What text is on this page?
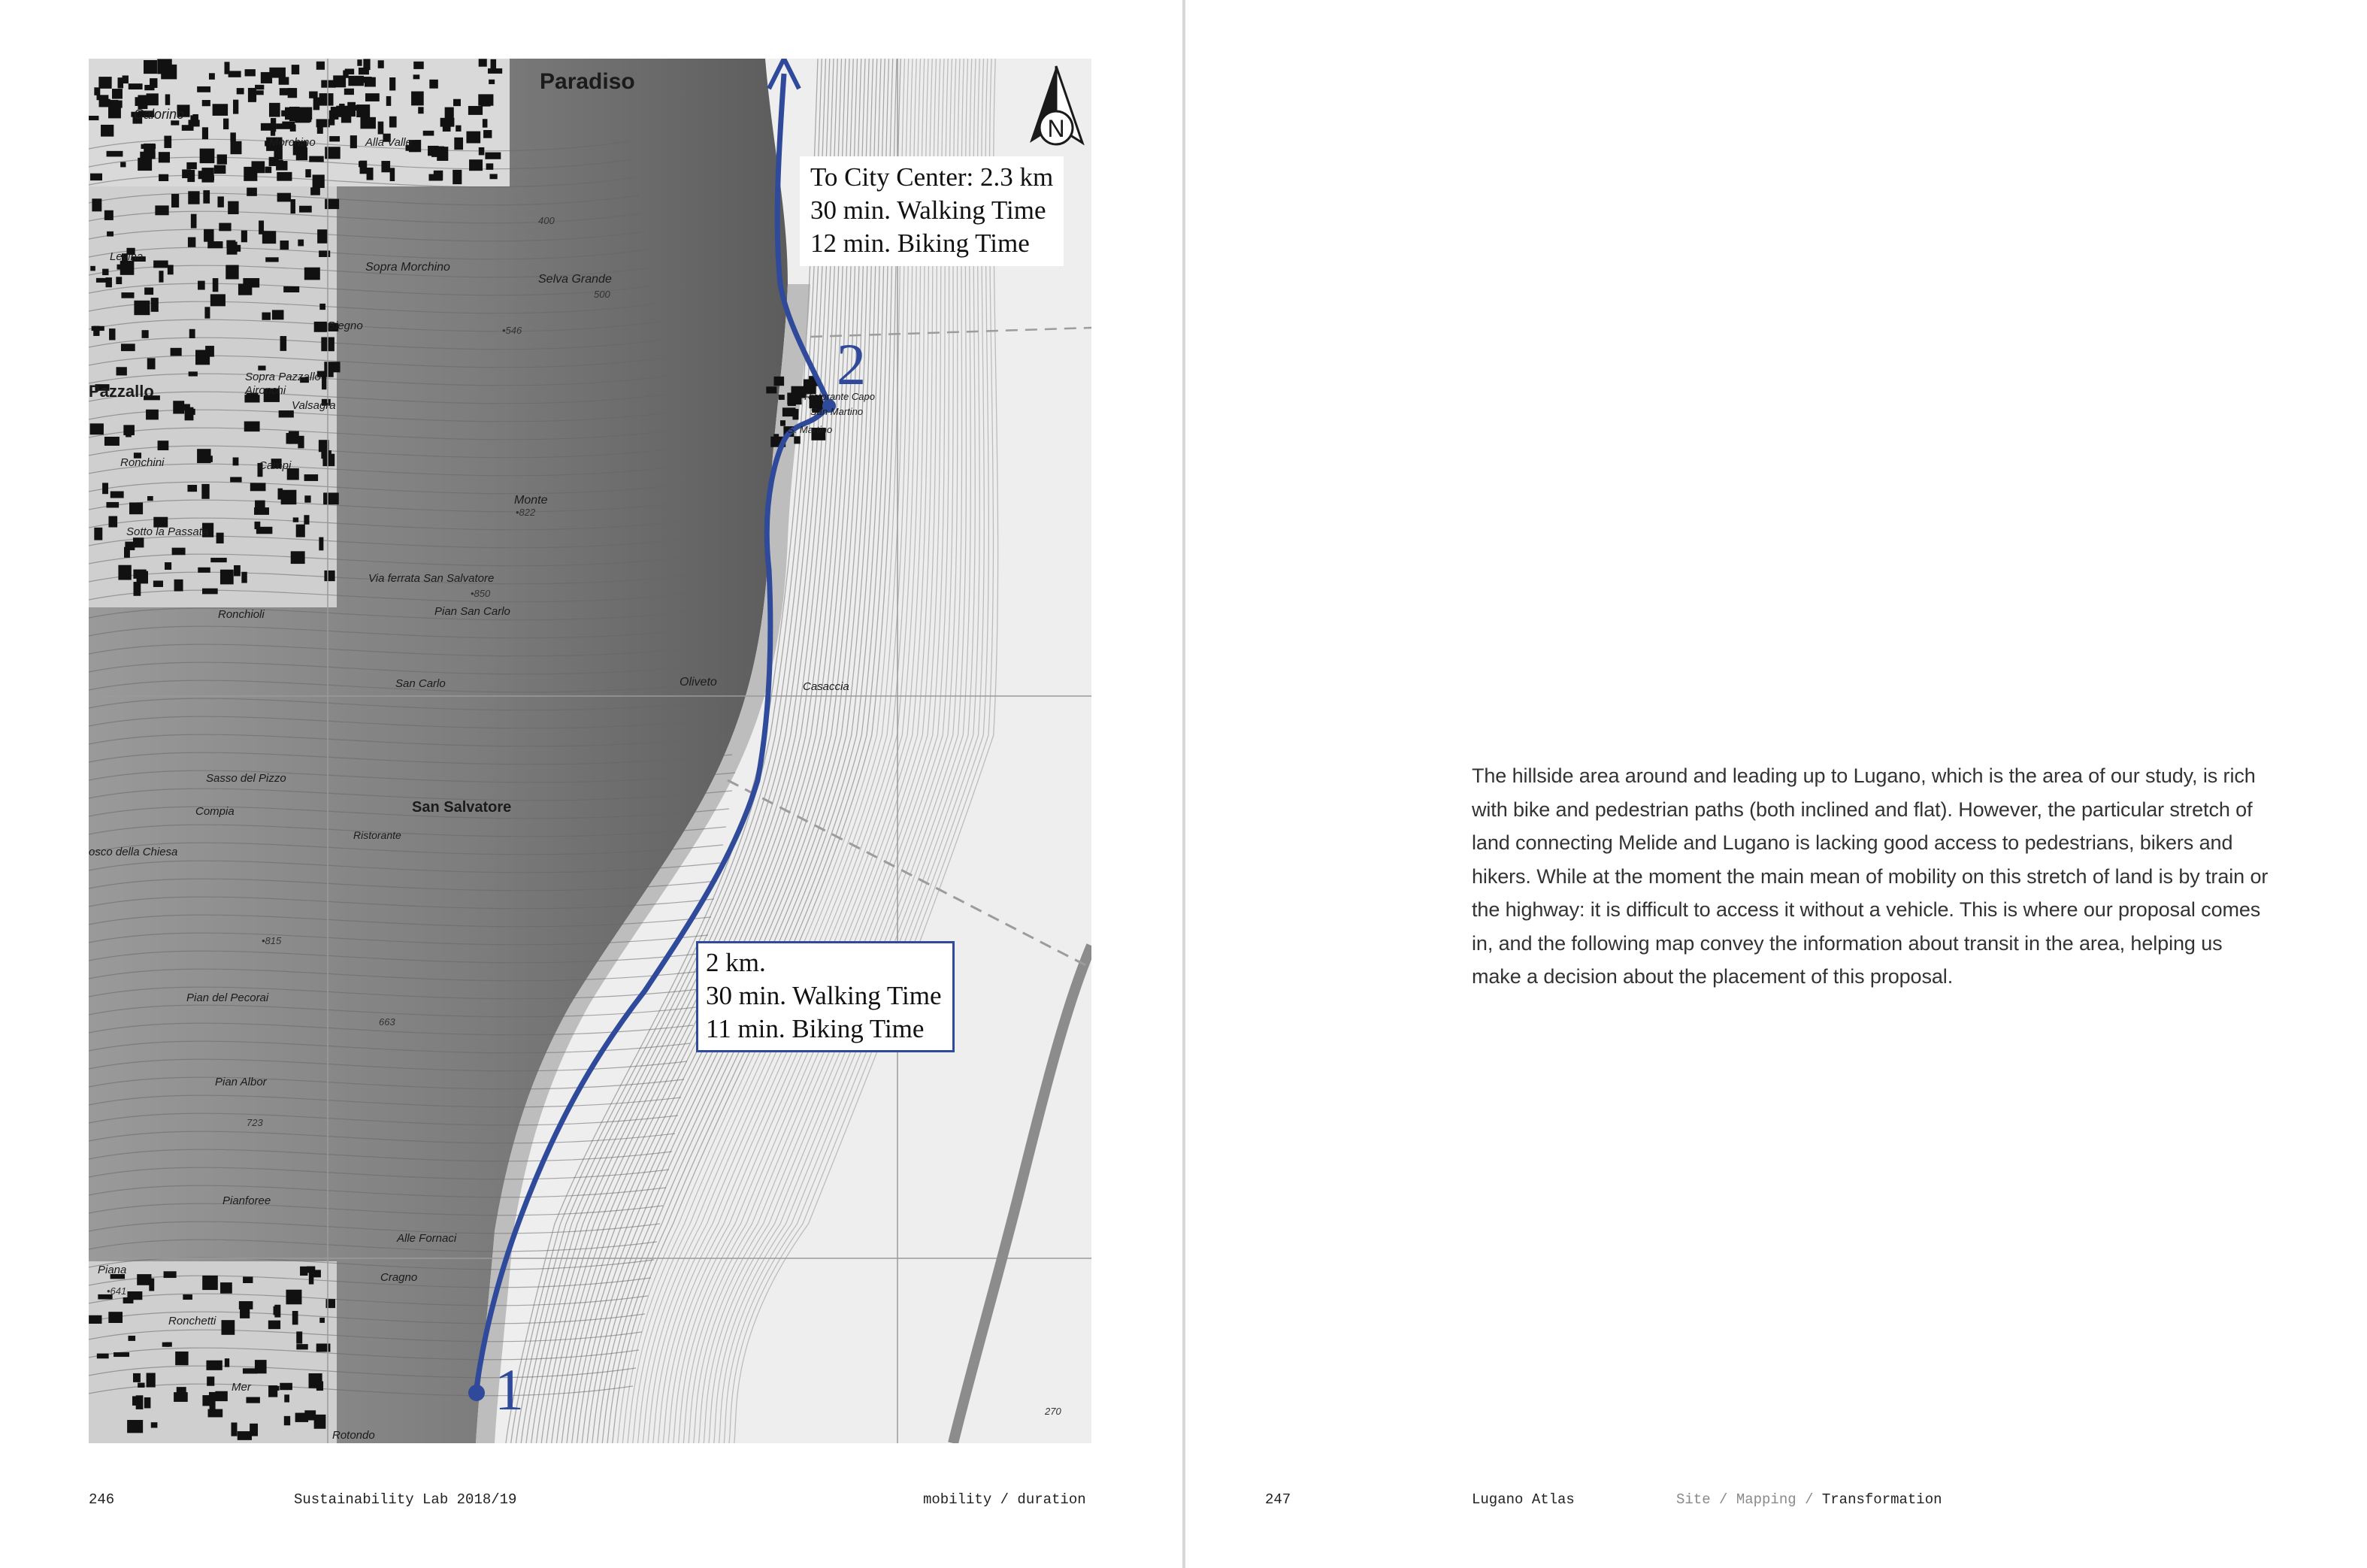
N
Paradiso
Calorino
Morchino	Alla Valle
Levina
Sopra Morchino
Selva Grande
Biegno
Pazzallo
Sopra Pazzallo
Aironchi
Valsagra
Campi
Ronchini
Monte
Sotto la Passata
Via ferrata San Salvatore
Pian San Carlo
Ronchioli
Oliveto	Casaccia
San Carlo
Sasso del Pizzo
Compia	San Salvatore
Ristorante
osco della Chiesa
Pian del Pecorai
Pian Albor
Pianforee
Alle Fornaci
Piana
Cragno
Ronchetti
Mer
Rotondo
Ristorante Capo
San Martino
S. Martino
400
500
•546
•822
•850
•815
663
723
•641
270
To City Center: 2.3 km
30 min. Walking Time
12 min. Biking Time
2 km.
30 min. Walking Time
11 min. Biking Time
1
2
The hillside area around and leading up to Lugano, which is the area of our study, is rich with bike and pedestrian paths (both inclined and flat). However, the particular stretch of land connecting Melide and Lugano is lacking good access to pedestrians, bikers and hikers. While at the moment the main mean of mobility on this stretch of land is by train or the highway: it is difficult to access it without a vehicle. This is where our proposal comes in, and the following map convey the information about transit in the area, helping us make a decision about the placement of this proposal.
246	Sustainability Lab 2018/19	mobility / duration	247	Lugano Atlas	Site / Mapping / Transformation
